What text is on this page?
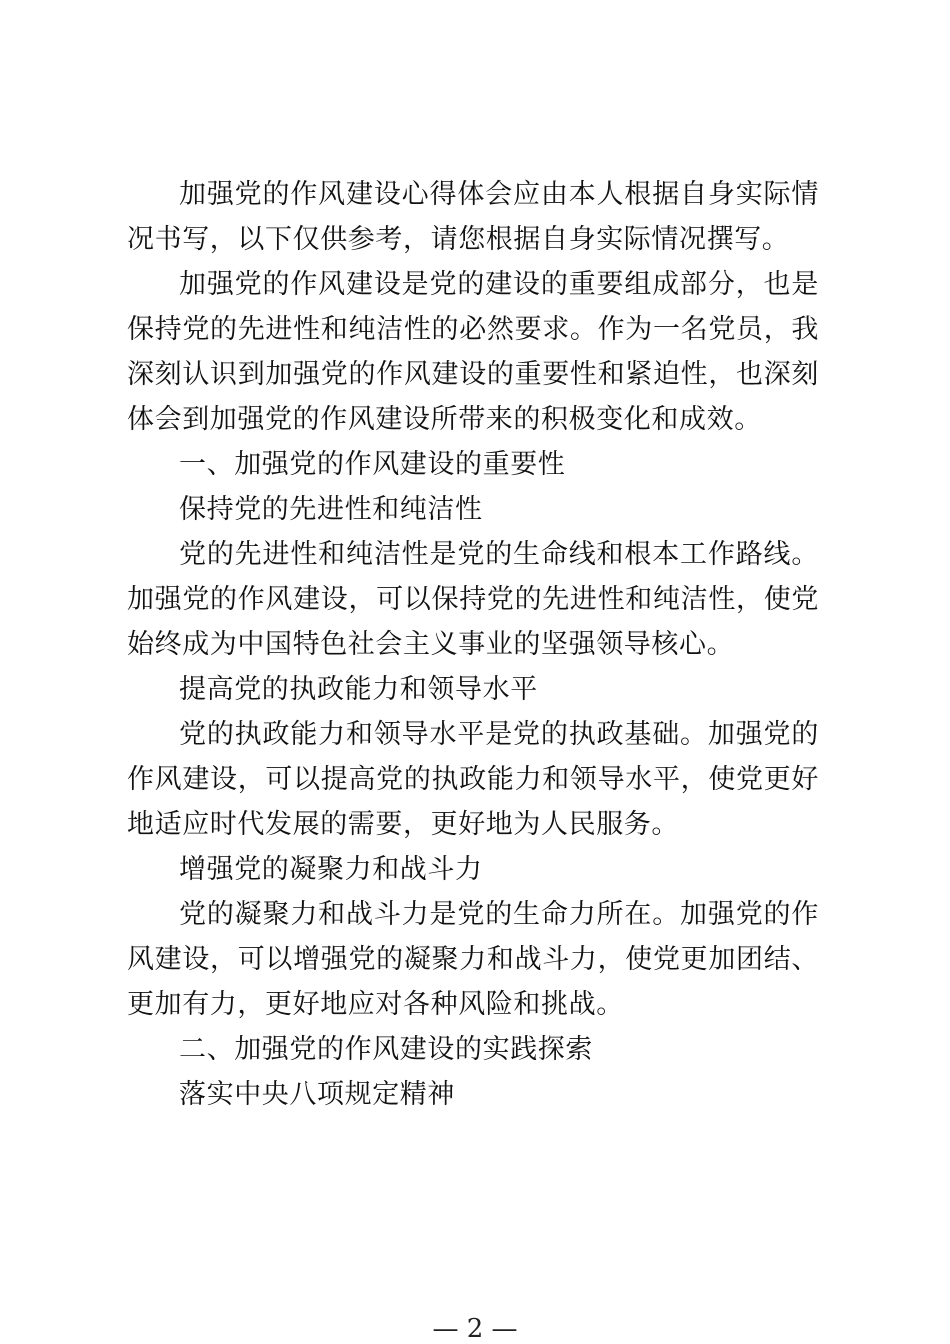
加强党的作风建设心得体会应由本人根据自身实际情况书写，以下仅供参考，请您根据自身实际情况撰写。

加强党的作风建设是党的建设的重要组成部分，也是保持党的先进性和纯洁性的必然要求。作为一名党员，我深刻认识到加强党的作风建设的重要性和紧迫性，也深刻体会到加强党的作风建设所带来的积极变化和成效。

一、加强党的作风建设的重要性

保持党的先进性和纯洁性

党的先进性和纯洁性是党的生命线和根本工作路线。加强党的作风建设，可以保持党的先进性和纯洁性，使党始终成为中国特色社会主义事业的坚强领导核心。

提高党的执政能力和领导水平

党的执政能力和领导水平是党的执政基础。加强党的作风建设，可以提高党的执政能力和领导水平，使党更好地适应时代发展的需要，更好地为人民服务。

增强党的凝聚力和战斗力

党的凝聚力和战斗力是党的生命力所在。加强党的作风建设，可以增强党的凝聚力和战斗力，使党更加团结、更加有力，更好地应对各种风险和挑战。

二、加强党的作风建设的实践探索

落实中央八项规定精神

— 2 —
